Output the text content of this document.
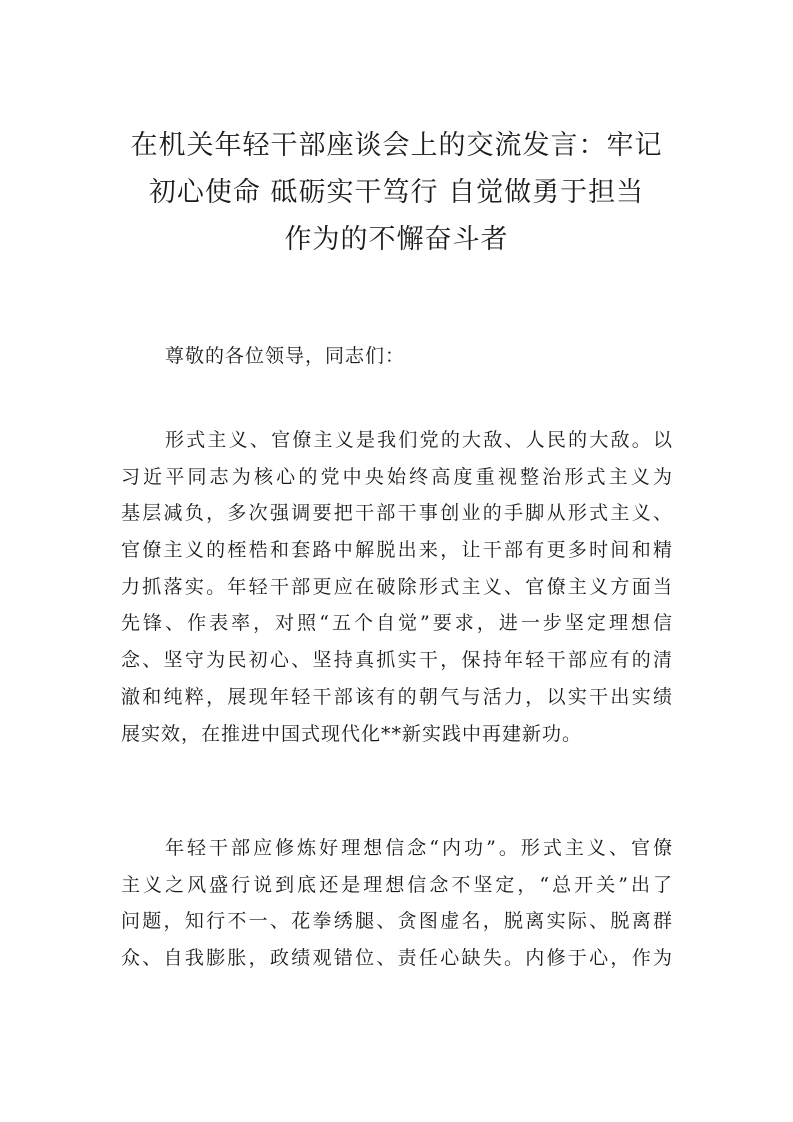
在机关年轻干部座谈会上的交流发言：牢记
初心使命 砥砺实干笃行 自觉做勇于担当
作为的不懈奋斗者

尊敬的各位领导，同志们：

形式主义、官僚主义是我们党的大敌、人民的大敌。以
习近平同志为核心的党中央始终高度重视整治形式主义为
基层减负，多次强调要把干部干事创业的手脚从形式主义、
官僚主义的桎梏和套路中解脱出来，让干部有更多时间和精
力抓落实。年轻干部更应在破除形式主义、官僚主义方面当
先锋、作表率，对照“五个自觉”要求，进一步坚定理想信
念、坚守为民初心、坚持真抓实干，保持年轻干部应有的清
澈和纯粹，展现年轻干部该有的朝气与活力，以实干出实绩
展实效，在推进中国式现代化**新实践中再建新功。
年轻干部应修炼好理想信念“内功”。形式主义、官僚
主义之风盛行说到底还是理想信念不坚定，“总开关”出了
问题，知行不一、花拳绣腿、贪图虚名，脱离实际、脱离群
众、自我膨胀，政绩观错位、责任心缺失。内修于心，作为
